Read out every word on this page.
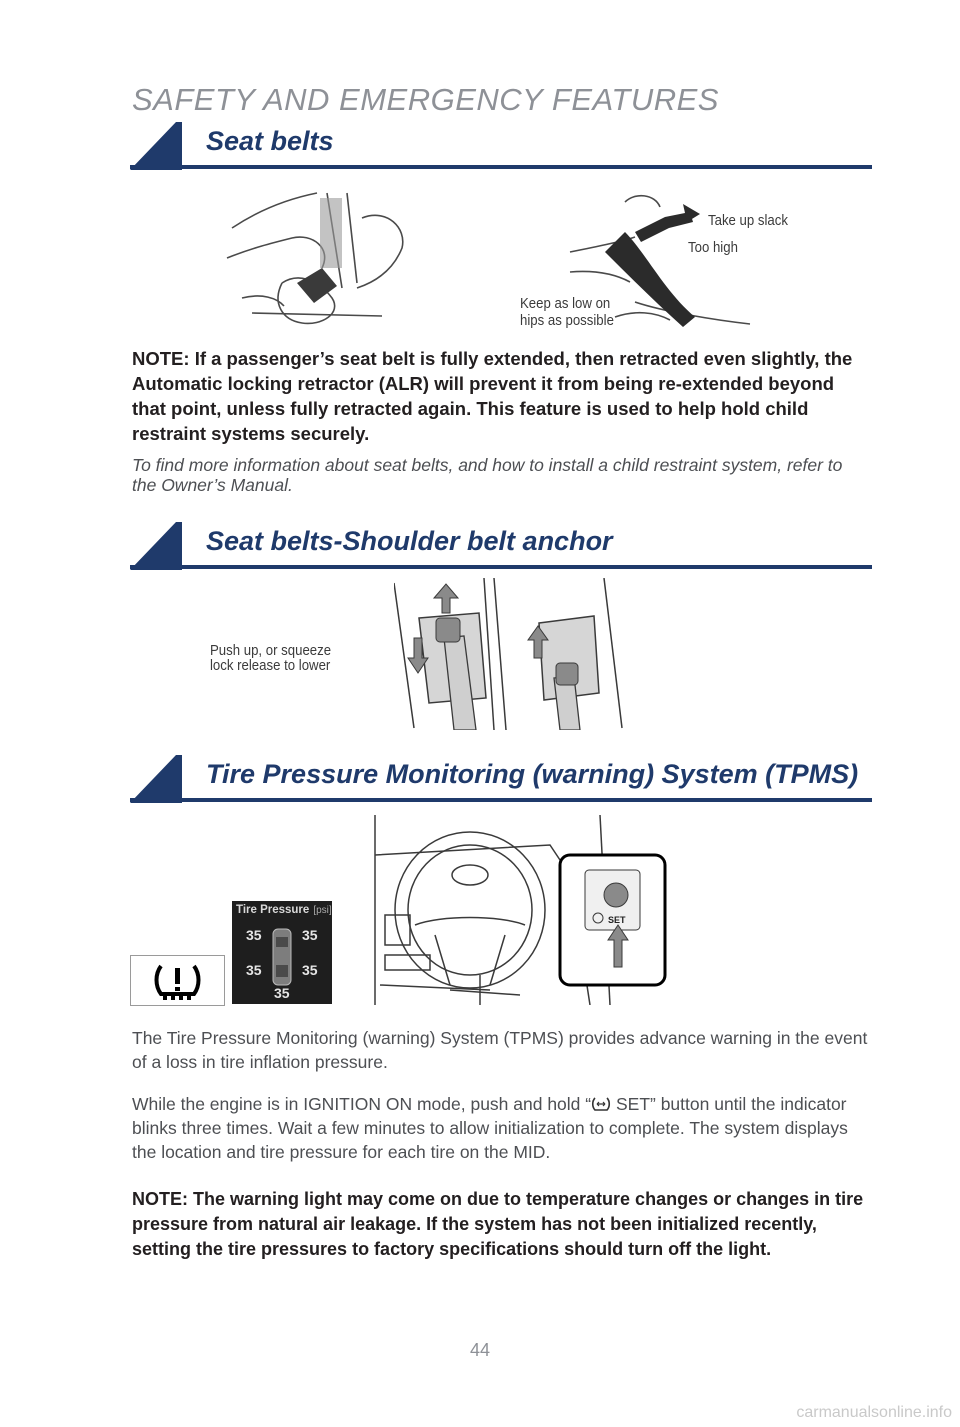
SAFETY AND EMERGENCY FEATURES
Seat belts
Take up slack
Too high
Keep as low on
hips as possible
NOTE: If a passenger’s seat belt is fully extended, then retracted even slightly, the Automatic locking retractor (ALR) will prevent it from being re-extended beyond that point, unless fully retracted again. This feature is used to help hold child restraint systems securely.
To find more information about seat belts, and how to install a child restraint system, refer to the Owner’s Manual.
Seat belts-Shoulder belt anchor
Push up, or squeeze
lock release to lower
Tire Pressure Monitoring (warning) System (TPMS)
Tire Pressure [psi]
35	35
35	35
35
SET
The Tire Pressure Monitoring (warning) System (TPMS) provides advance warning in the event of a loss in tire inflation pressure.
While the engine is in IGNITION ON mode, push and hold “ SET” button until the indicator blinks three times. Wait a few minutes to allow initialization to complete. The system displays the location and tire pressure for each tire on the MID.
NOTE: The warning light may come on due to temperature changes or changes in tire pressure from natural air leakage. If the system has not been initialized recently, setting the tire pressures to factory specifications should turn off the light.
44
carmanualsonline.info
